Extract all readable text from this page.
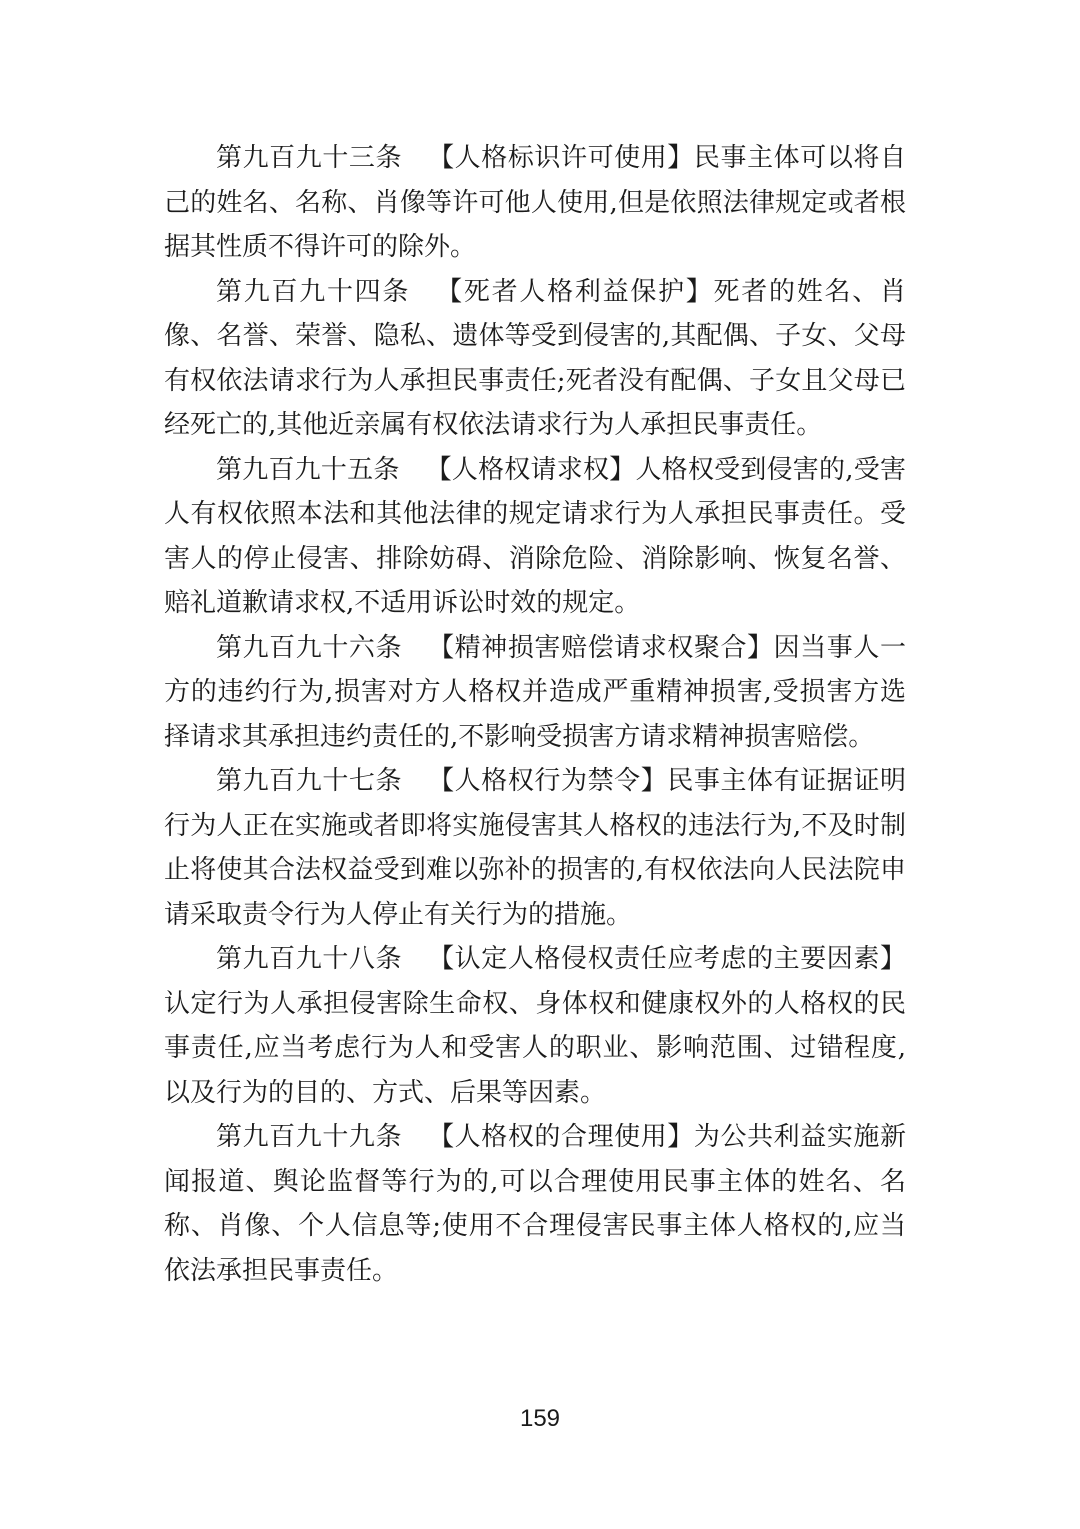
第九百九十三条 【人格标识许可使用】民事主体可以将自己的姓名、名称、肖像等许可他人使用,但是依照法律规定或者根据其性质不得许可的除外。

第九百九十四条 【死者人格利益保护】死者的姓名、肖像、名誉、荣誉、隐私、遗体等受到侵害的,其配偶、子女、父母有权依法请求行为人承担民事责任;死者没有配偶、子女且父母已经死亡的,其他近亲属有权依法请求行为人承担民事责任。

第九百九十五条 【人格权请求权】人格权受到侵害的,受害人有权依照本法和其他法律的规定请求行为人承担民事责任。受害人的停止侵害、排除妨碍、消除危险、消除影响、恢复名誉、赔礼道歉请求权,不适用诉讼时效的规定。

第九百九十六条 【精神损害赔偿请求权聚合】因当事人一方的违约行为,损害对方人格权并造成严重精神损害,受损害方选择请求其承担违约责任的,不影响受损害方请求精神损害赔偿。

第九百九十七条 【人格权行为禁令】民事主体有证据证明行为人正在实施或者即将实施侵害其人格权的违法行为,不及时制止将使其合法权益受到难以弥补的损害的,有权依法向人民法院申请采取责令行为人停止有关行为的措施。

第九百九十八条 【认定人格侵权责任应考虑的主要因素】认定行为人承担侵害除生命权、身体权和健康权外的人格权的民事责任,应当考虑行为人和受害人的职业、影响范围、过错程度,以及行为的目的、方式、后果等因素。

第九百九十九条 【人格权的合理使用】为公共利益实施新闻报道、舆论监督等行为的,可以合理使用民事主体的姓名、名称、肖像、个人信息等;使用不合理侵害民事主体人格权的,应当依法承担民事责任。

159
